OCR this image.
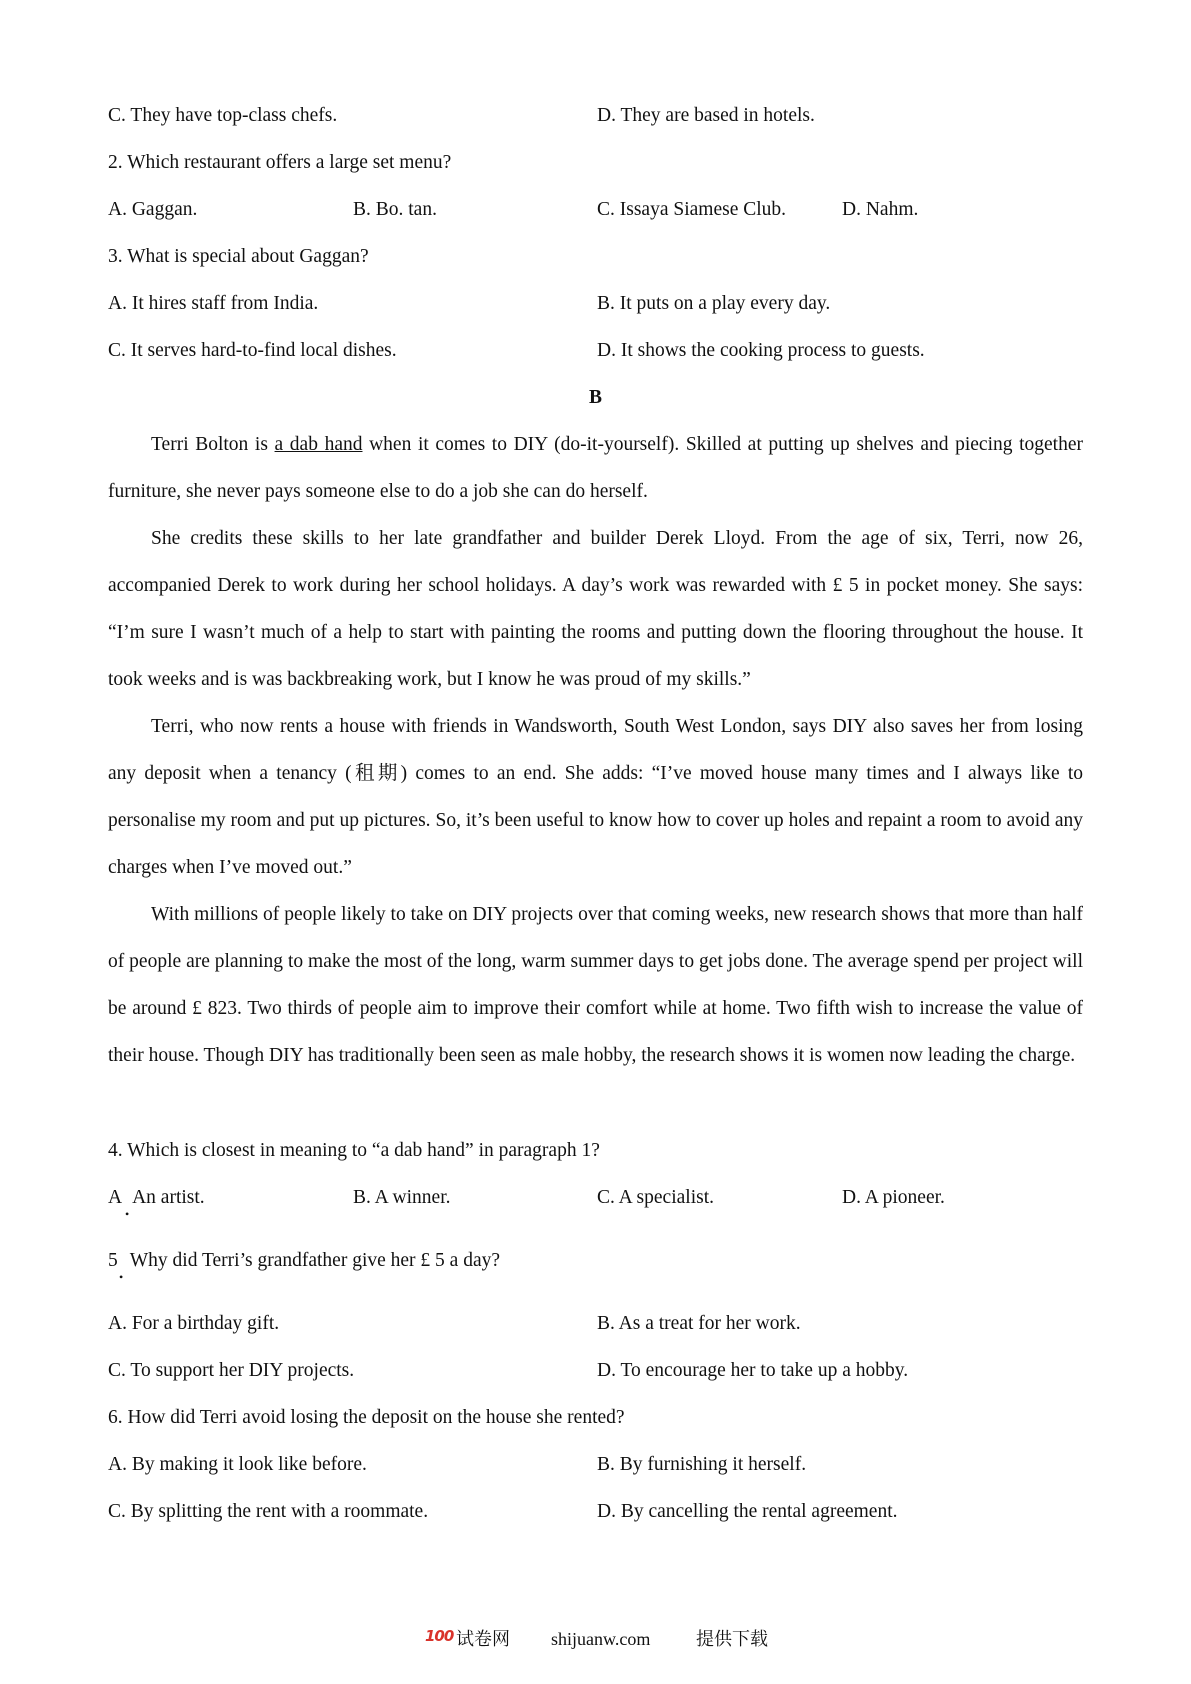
C. They have top-class chefs.	D. They are based in hotels.
2. Which restaurant offers a large set menu?
A. Gaggan.	B. Bo. tan.	C. Issaya Siamese Club.	D. Nahm.
3. What is special about Gaggan?
A. It hires staff from India.	B. It puts on a play every day.
C. It serves hard-to-find local dishes.	D. It shows the cooking process to guests.
B
Terri Bolton is a dab hand when it comes to DIY (do-it-yourself). Skilled at putting up shelves and piecing together furniture, she never pays someone else to do a job she can do herself.
She credits these skills to her late grandfather and builder Derek Lloyd. From the age of six, Terri, now 26, accompanied Derek to work during her school holidays. A day’s work was rewarded with £ 5 in pocket money. She says: “I’m sure I wasn’t much of a help to start with painting the rooms and putting down the flooring throughout the house. It took weeks and is was backbreaking work, but I know he was proud of my skills.”
Terri, who now rents a house with friends in Wandsworth, South West London, says DIY also saves her from losing any deposit when a tenancy (租期) comes to an end. She adds: “I’ve moved house many times and I always like to personalise my room and put up pictures. So, it’s been useful to know how to cover up holes and repaint a room to avoid any charges when I’ve moved out.”
With millions of people likely to take on DIY projects over that coming weeks, new research shows that more than half of people are planning to make the most of the long, warm summer days to get jobs done. The average spend per project will be around £ 823. Two thirds of people aim to improve their comfort while at home. Two fifth wish to increase the value of their house. Though DIY has traditionally been seen as male hobby, the research shows it is women now leading the charge.
4. Which is closest in meaning to “a dab hand” in paragraph 1?
A An artist.
•
B. A winner.	C. A specialist.	D. A pioneer.
5 Why did Terri’s grandfather give her £ 5 a day?
•
A. For a birthday gift.	B. As a treat for her work.
C. To support her DIY projects.	D. To encourage her to take up a hobby.
6. How did Terri avoid losing the deposit on the house she rented?
A. By making it look like before.	B. By furnishing it herself.
C. By splitting the rent with a roommate.	D. By cancelling the rental agreement.
100 试卷网 shijuanw.com	提供下载
